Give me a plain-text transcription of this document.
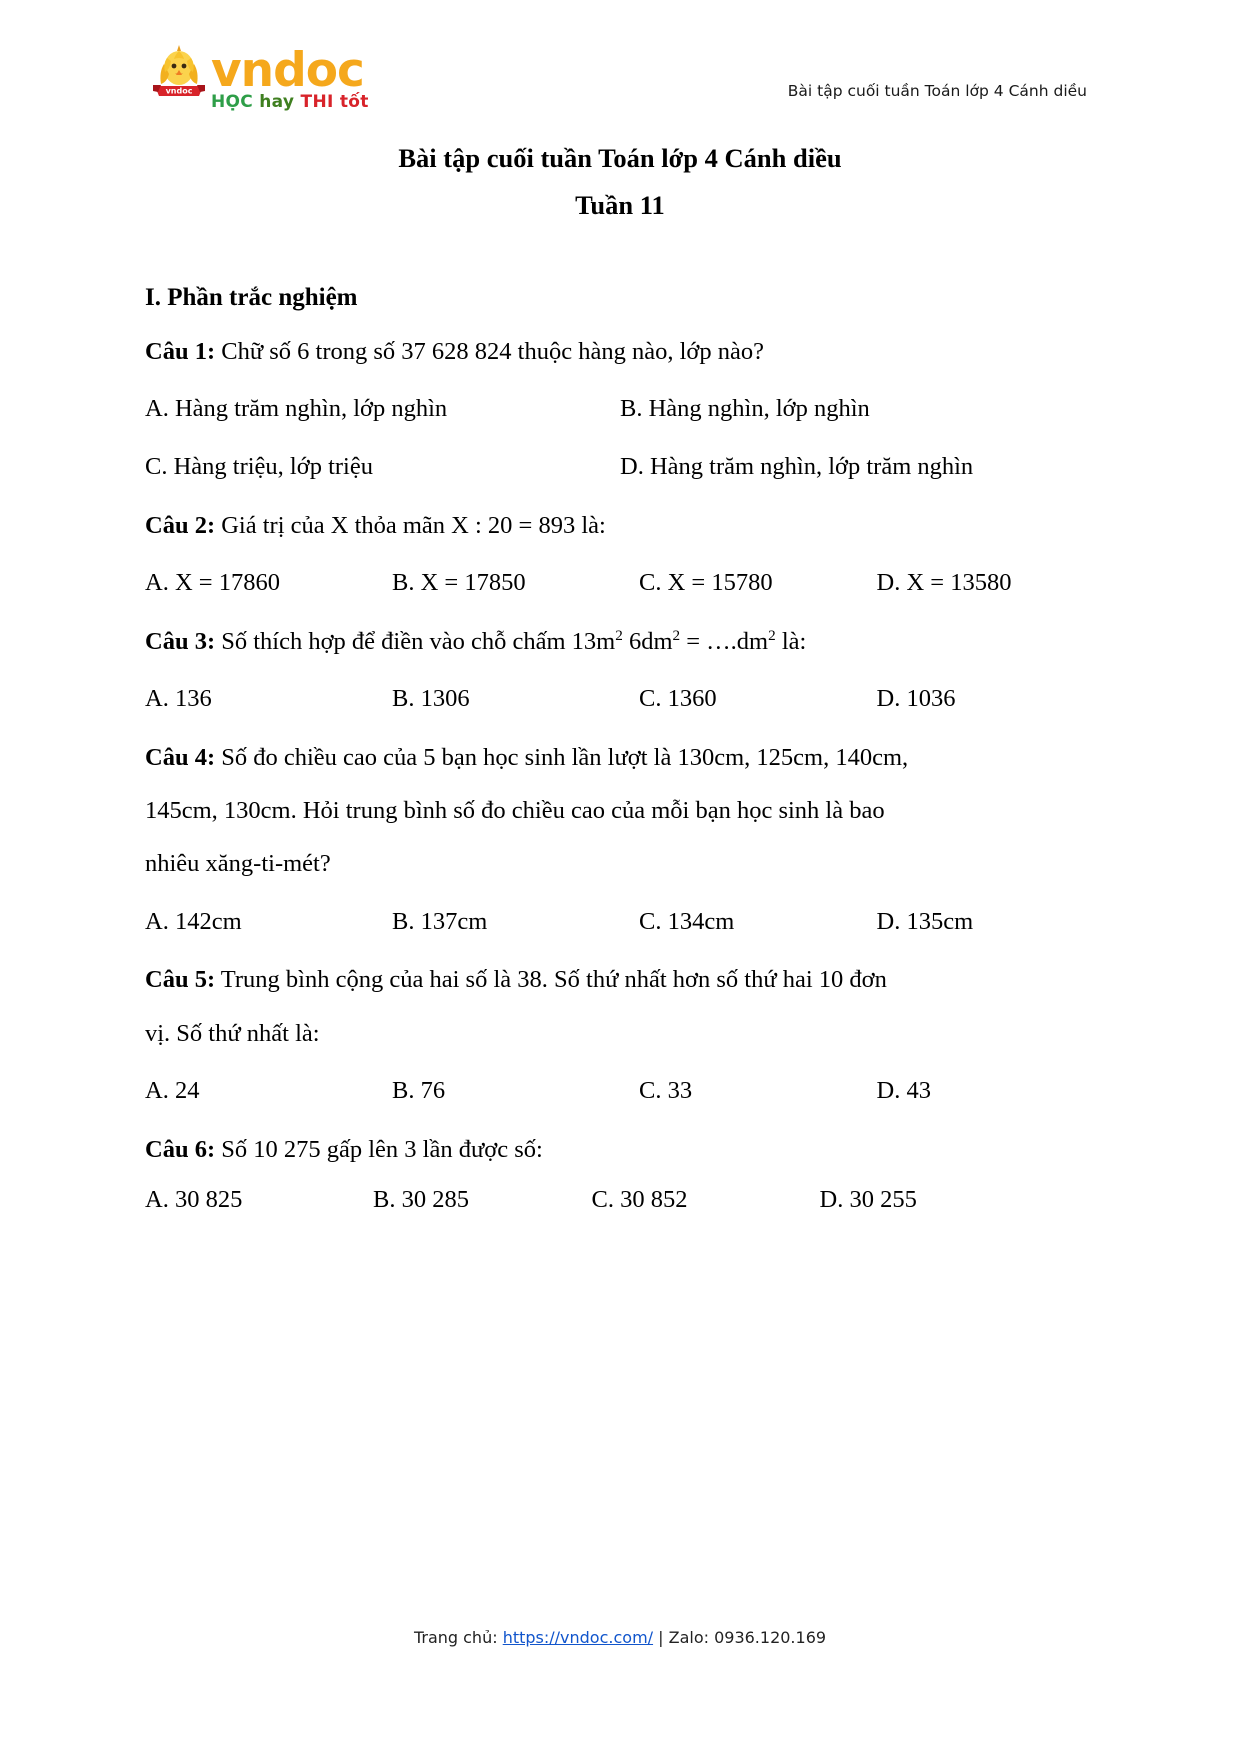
vndoc vndoc
HỌC hay THI tốt
Bài tập cuối tuần Toán lớp 4 Cánh diều
Bài tập cuối tuần Toán lớp 4 Cánh diều
Tuần 11
I. Phần trắc nghiệm
Câu 1: Chữ số 6 trong số 37 628 824 thuộc hàng nào, lớp nào?
A. Hàng trăm nghìn, lớp nghìn	B. Hàng nghìn, lớp nghìn
C. Hàng triệu, lớp triệu	D. Hàng trăm nghìn, lớp trăm nghìn
Câu 2: Giá trị của X thỏa mãn X : 20 = 893 là:
A. X = 17860	B. X = 17850	C. X = 15780	D. X = 13580
Câu 3: Số thích hợp để điền vào chỗ chấm $13m^2$ $6dm^2$ = $\dots.dm^2$ là:
A. 136	B. 1306	C. 1360	D. 1036
Câu 4: Số đo chiều cao của 5 bạn học sinh lần lượt là 130cm, 125cm, 140cm,
145cm, 130cm. Hỏi trung bình số đo chiều cao của mỗi bạn học sinh là bao
nhiêu xăng-ti-mét?
A. 142cm	B. 137cm	C. 134cm	D. 135cm
Câu 5: Trung bình cộng của hai số là 38. Số thứ nhất hơn số thứ hai 10 đơn
vị. Số thứ nhất là:
A. 24	B. 76	C. 33	D. 43
Câu 6: Số 10 275 gấp lên 3 lần được số:
A. 30 825	B. 30 285	C. 30 852	D. 30 255
Trang chủ: https://vndoc.com/ | Zalo: 0936.120.169
